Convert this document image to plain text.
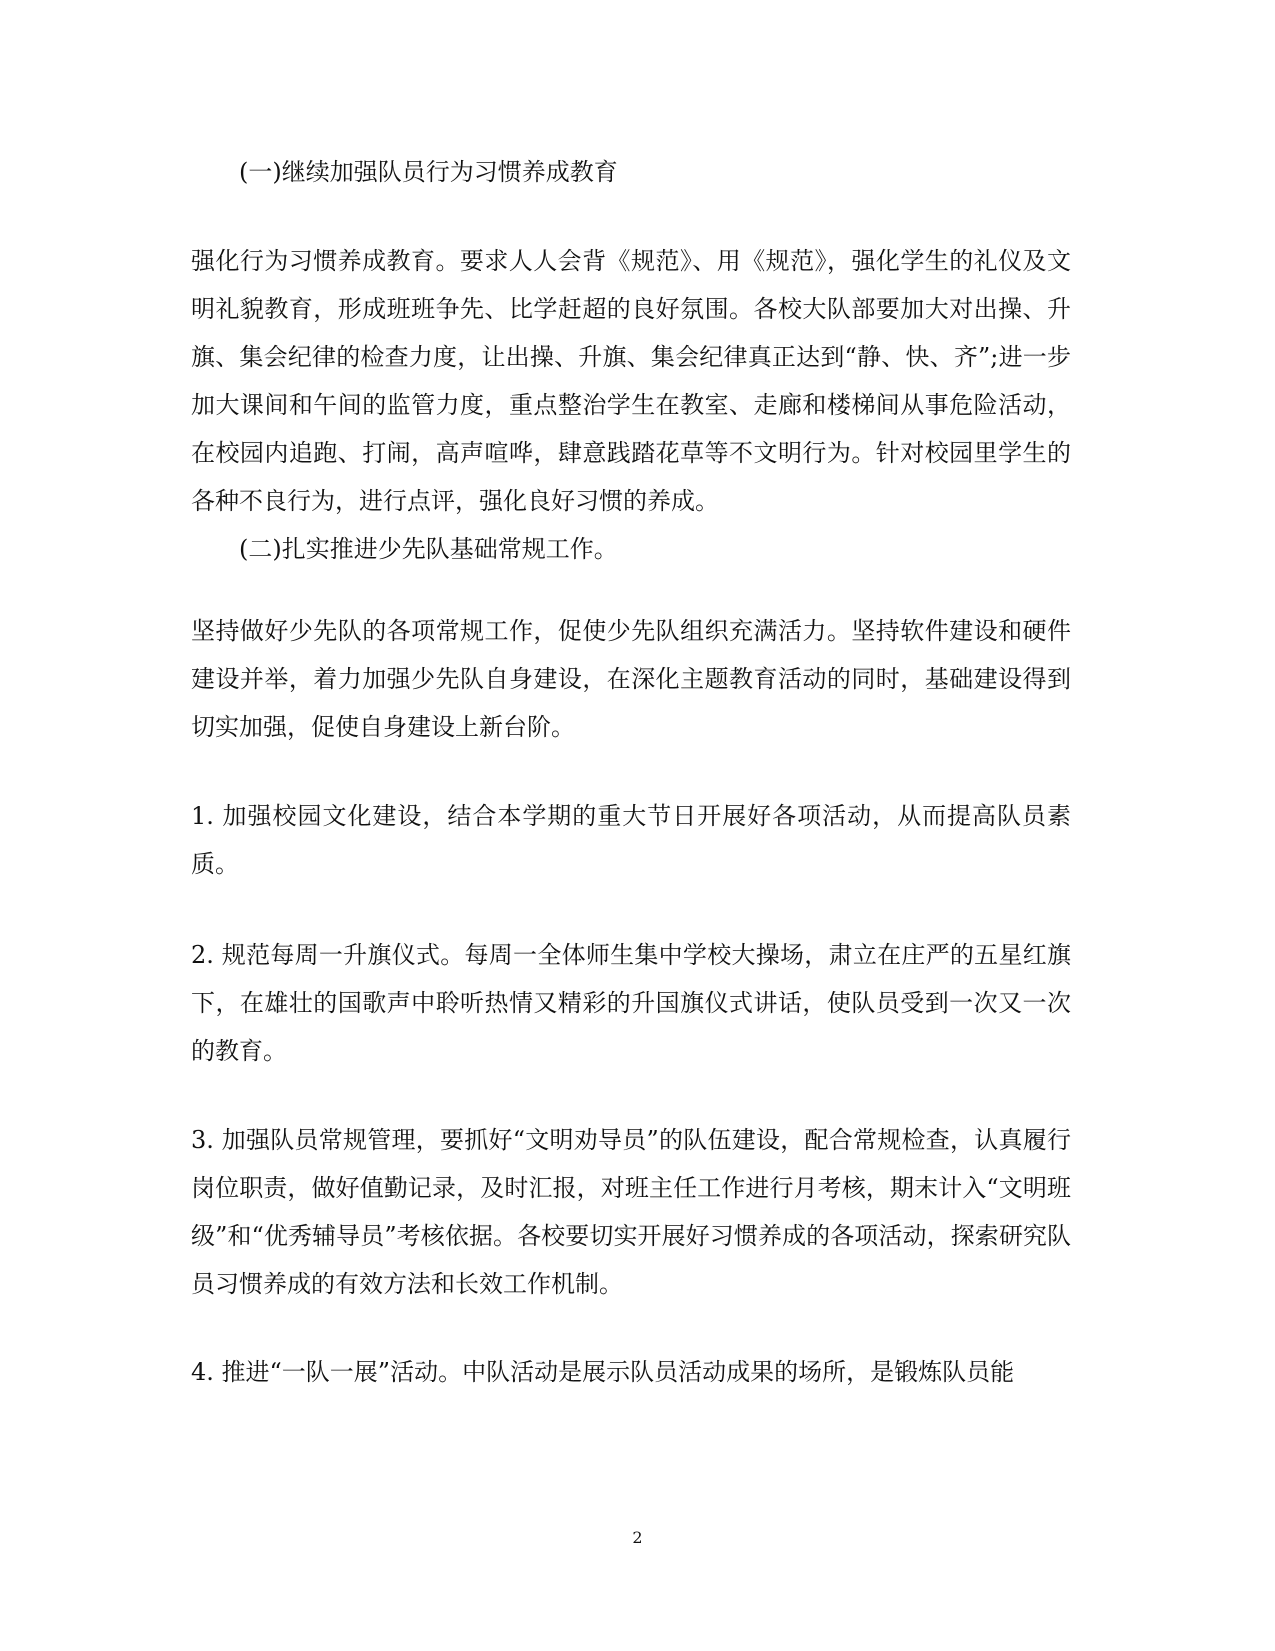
(一)继续加强队员行为习惯养成教育
强化行为习惯养成教育。要求人人会背《规范》、用《规范》，强化学生的礼仪及文明礼貌教育，形成班班争先、比学赶超的良好氛围。各校大队部要加大对出操、升旗、集会纪律的检查力度，让出操、升旗、集会纪律真正达到“静、快、齐”;进一步加大课间和午间的监管力度，重点整治学生在教室、走廊和楼梯间从事危险活动，在校园内追跑、打闹，高声喧哗，肆意践踏花草等不文明行为。针对校园里学生的各种不良行为，进行点评，强化良好习惯的养成。
(二)扎实推进少先队基础常规工作。
坚持做好少先队的各项常规工作，促使少先队组织充满活力。坚持软件建设和硬件建设并举，着力加强少先队自身建设，在深化主题教育活动的同时，基础建设得到切实加强，促使自身建设上新台阶。
1. 加强校园文化建设，结合本学期的重大节日开展好各项活动，从而提高队员素质。
2. 规范每周一升旗仪式。每周一全体师生集中学校大操场，肃立在庄严的五星红旗下，在雄壮的国歌声中聆听热情又精彩的升国旗仪式讲话，使队员受到一次又一次的教育。
3. 加强队员常规管理，要抓好“文明劝导员”的队伍建设，配合常规检查，认真履行岗位职责，做好值勤记录，及时汇报，对班主任工作进行月考核，期末计入“文明班级”和“优秀辅导员”考核依据。各校要切实开展好习惯养成的各项活动，探索研究队员习惯养成的有效方法和长效工作机制。
4. 推进“一队一展”活动。中队活动是展示队员活动成果的场所，是锻炼队员能
2
